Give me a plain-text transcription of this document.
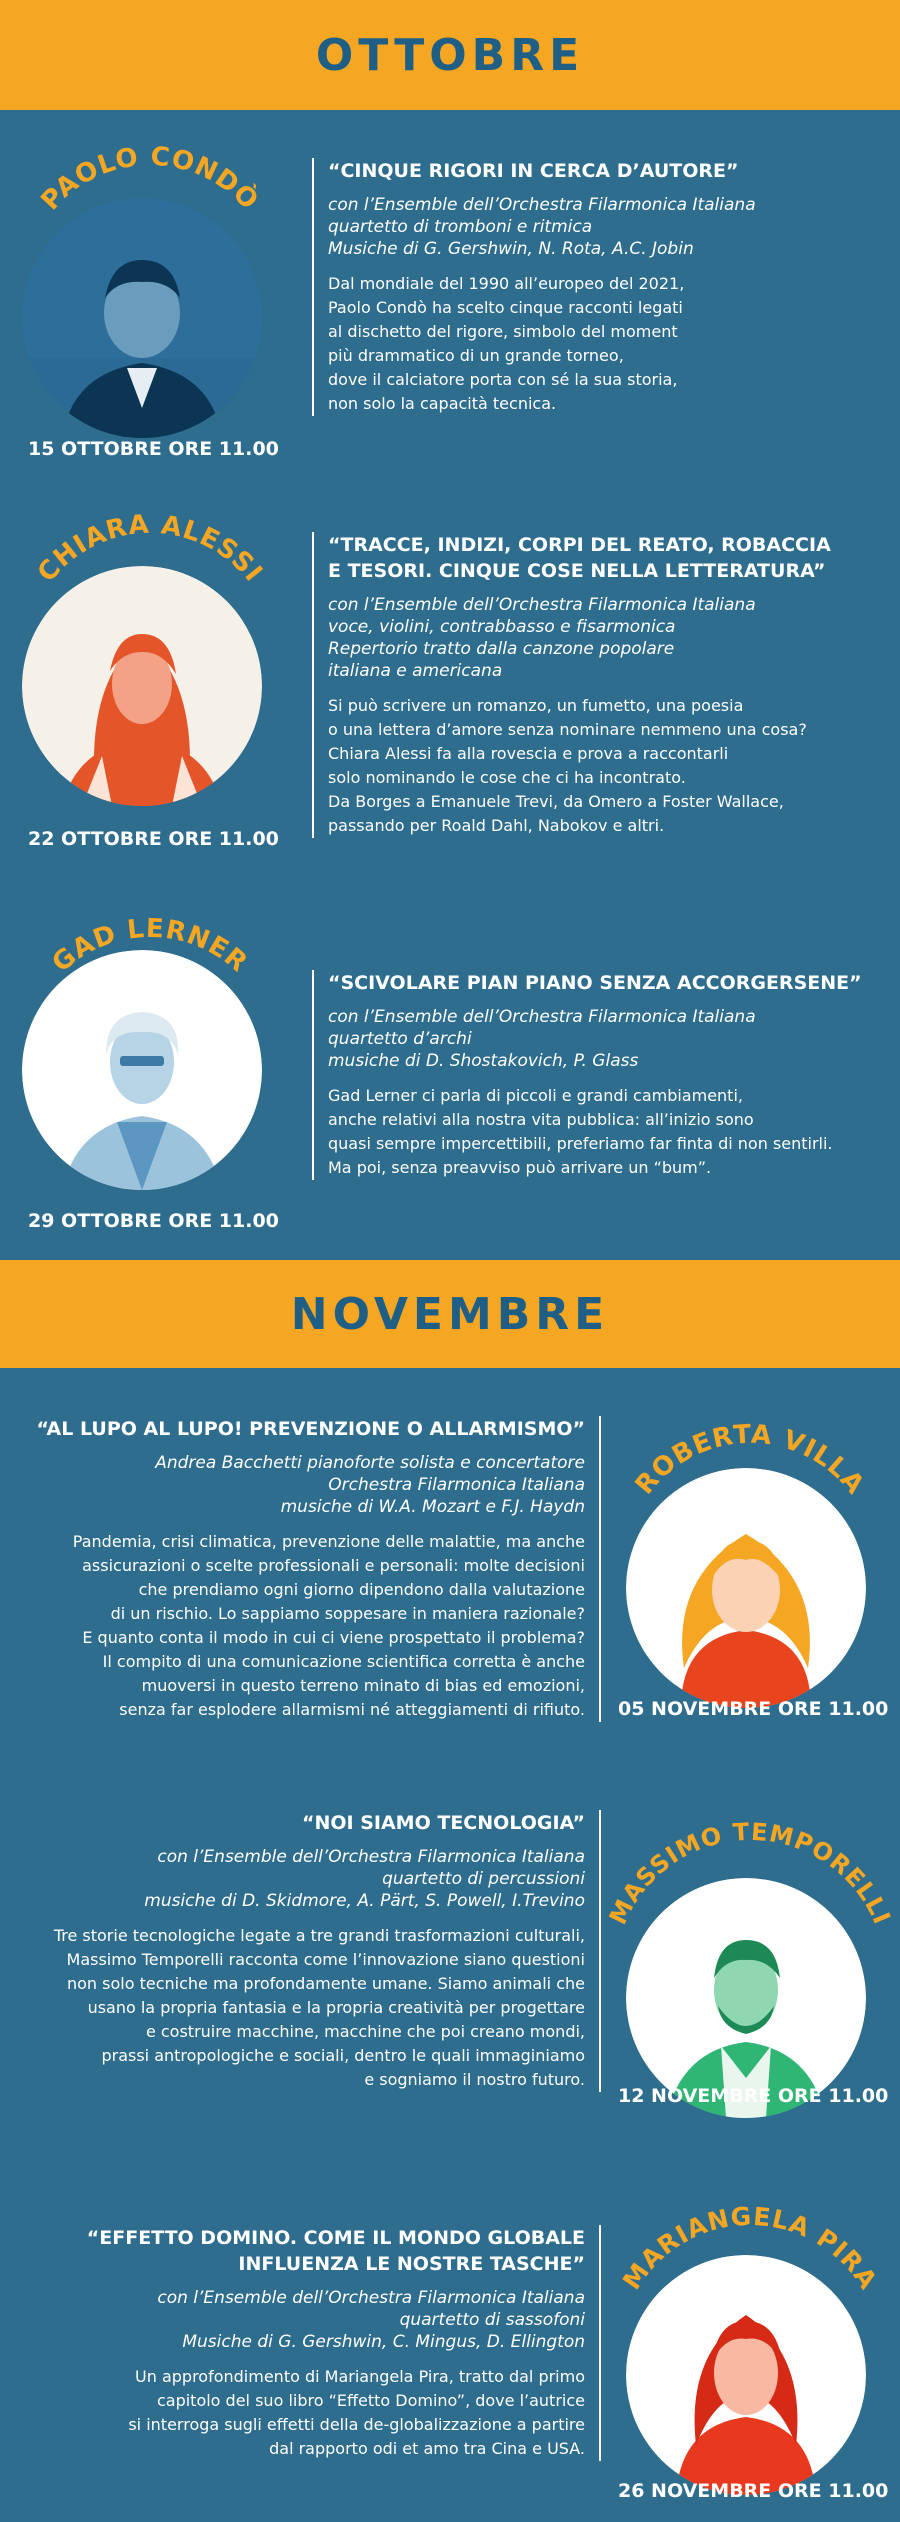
OTTOBRE
PAOLO CONDÒ
15 OTTOBRE ORE 11.00
“CINQUE RIGORI IN CERCA D’AUTORE”
con l’Ensemble dell’Orchestra Filarmonica Italiana
quartetto di tromboni e ritmica
Musiche di G. Gershwin, N. Rota, A.C. Jobin
Dal mondiale del 1990 all’europeo del 2021,
Paolo Condò ha scelto cinque racconti legati
al dischetto del rigore, simbolo del moment
più drammatico di un grande torneo,
dove il calciatore porta con sé la sua storia,
non solo la capacità tecnica.
CHIARA ALESSI
22 OTTOBRE ORE 11.00
“TRACCE, INDIZI, CORPI DEL REATO, ROBACCIA
E TESORI. CINQUE COSE NELLA LETTERATURA”
con l’Ensemble dell’Orchestra Filarmonica Italiana
voce, violini, contrabbasso e fisarmonica
Repertorio tratto dalla canzone popolare
italiana e americana
Si può scrivere un romanzo, un fumetto, una poesia
o una lettera d’amore senza nominare nemmeno una cosa?
Chiara Alessi fa alla rovescia e prova a raccontarli
solo nominando le cose che ci ha incontrato.
Da Borges a Emanuele Trevi, da Omero a Foster Wallace,
passando per Roald Dahl, Nabokov e altri.
GAD LERNER
29 OTTOBRE ORE 11.00
“SCIVOLARE PIAN PIANO SENZA ACCORGERSENE”
con l’Ensemble dell’Orchestra Filarmonica Italiana
quartetto d’archi
musiche di D. Shostakovich, P. Glass
Gad Lerner ci parla di piccoli e grandi cambiamenti,
anche relativi alla nostra vita pubblica: all’inizio sono
quasi sempre impercettibili, preferiamo far finta di non sentirli.
Ma poi, senza preavviso può arrivare un “bum”.
NOVEMBRE
“AL LUPO AL LUPO! PREVENZIONE O ALLARMISMO”
Andrea Bacchetti pianoforte solista e concertatore
Orchestra Filarmonica Italiana
musiche di W.A. Mozart e F.J. Haydn
Pandemia, crisi climatica, prevenzione delle malattie, ma anche
assicurazioni o scelte professionali e personali: molte decisioni
che prendiamo ogni giorno dipendono dalla valutazione
di un rischio. Lo sappiamo soppesare in maniera razionale?
E quanto conta il modo in cui ci viene prospettato il problema?
Il compito di una comunicazione scientifica corretta è anche
muoversi in questo terreno minato di bias ed emozioni,
senza far esplodere allarmismi né atteggiamenti di rifiuto.
ROBERTA VILLA
05 NOVEMBRE ORE 11.00
“NOI SIAMO TECNOLOGIA”
con l’Ensemble dell’Orchestra Filarmonica Italiana
quartetto di percussioni
musiche di D. Skidmore, A. Pärt, S. Powell, I.Trevino
Tre storie tecnologiche legate a tre grandi trasformazioni culturali,
Massimo Temporelli racconta come l’innovazione siano questioni
non solo tecniche ma profondamente umane. Siamo animali che
usano la propria fantasia e la propria creatività per progettare
e costruire macchine, macchine che poi creano mondi,
prassi antropologiche e sociali, dentro le quali immaginiamo
e sogniamo il nostro futuro.
MASSIMO TEMPORELLI
12 NOVEMBRE ORE 11.00
“EFFETTO DOMINO. COME IL MONDO GLOBALE
INFLUENZA LE NOSTRE TASCHE”
con l’Ensemble dell’Orchestra Filarmonica Italiana
quartetto di sassofoni
Musiche di G. Gershwin, C. Mingus, D. Ellington
Un approfondimento di Mariangela Pira, tratto dal primo
capitolo del suo libro “Effetto Domino”, dove l’autrice
si interroga sugli effetti della de-globalizzazione a partire
dal rapporto odi et amo tra Cina e USA.
MARIANGELA PIRA
26 NOVEMBRE ORE 11.00
